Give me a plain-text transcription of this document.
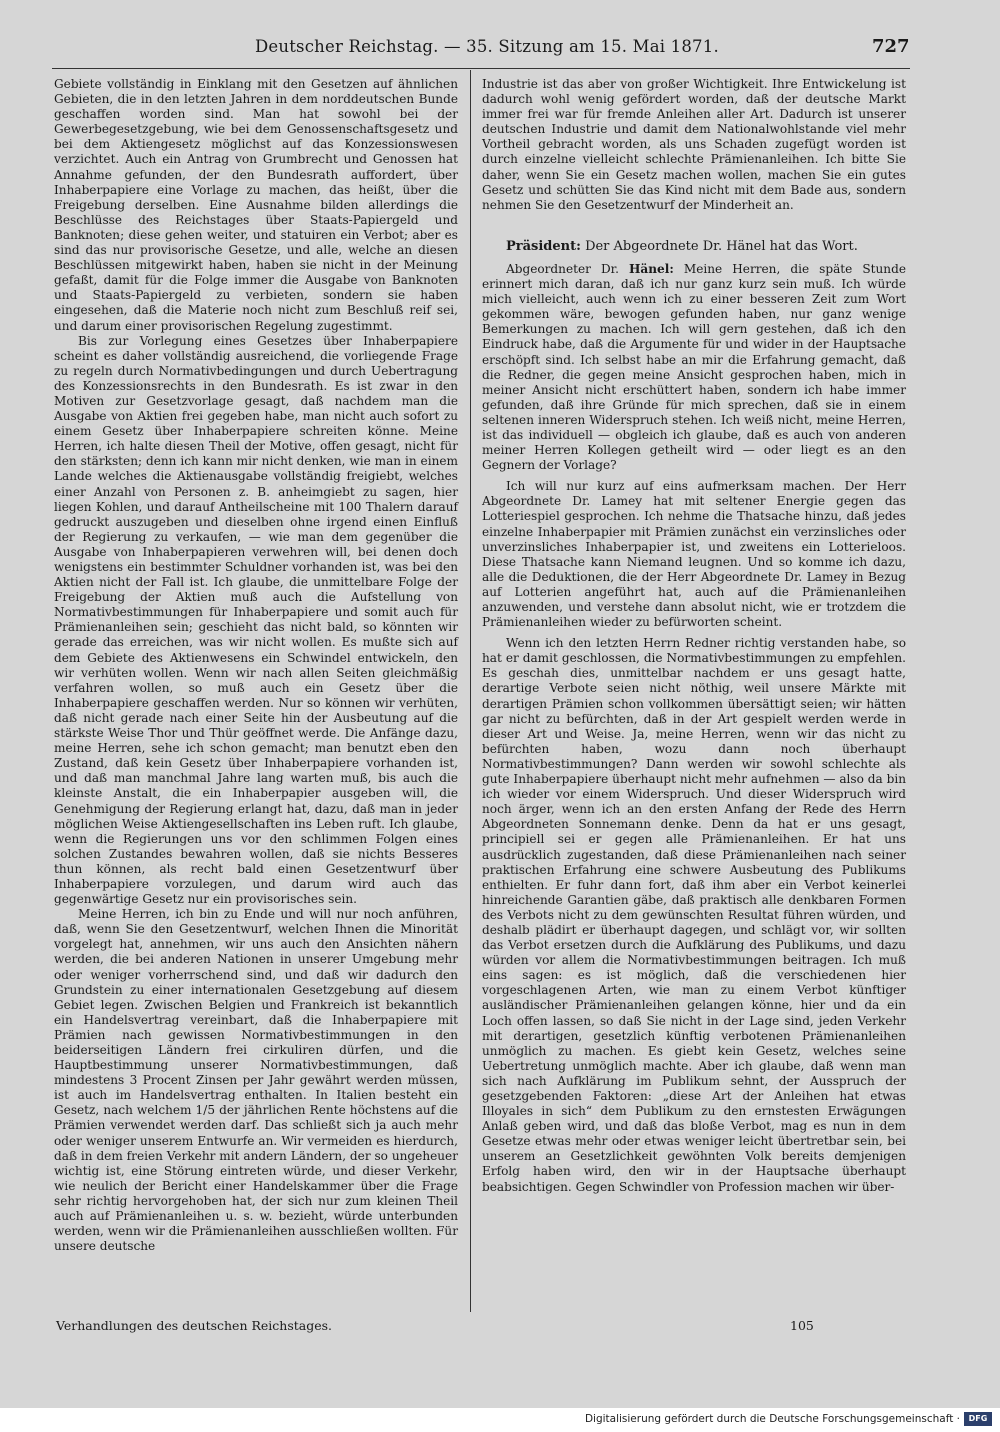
Deutscher Reichstag. — 35. Sitzung am 15. Mai 1871.	727

Gebiete vollständig in Einklang mit den Gesetzen auf ähnlichen Gebieten, die in den letzten Jahren in dem norddeutschen Bunde geschaffen worden sind. Man hat sowohl bei der Gewerbegesetzgebung, wie bei dem Genossenschaftsgesetz und bei dem Aktiengesetz möglichst auf das Konzessionswesen verzichtet. Auch ein Antrag von Grumbrecht und Genossen hat Annahme gefunden, der den Bundesrath auffordert, über Inhaberpapiere eine Vorlage zu machen, das heißt, über die Freigebung derselben. Eine Ausnahme bilden allerdings die Beschlüsse des Reichstages über Staats-Papiergeld und Banknoten; diese gehen weiter, und statuiren ein Verbot; aber es sind das nur provisorische Gesetze, und alle, welche an diesen Beschlüssen mitgewirkt haben, haben sie nicht in der Meinung gefaßt, damit für die Folge immer die Ausgabe von Banknoten und Staats-Papiergeld zu verbieten, sondern sie haben eingesehen, daß die Materie noch nicht zum Beschluß reif sei, und darum einer provisorischen Regelung zugestimmt.

Bis zur Vorlegung eines Gesetzes über Inhaberpapiere scheint es daher vollständig ausreichend, die vorliegende Frage zu regeln durch Normativbedingungen und durch Uebertragung des Konzessionsrechts in den Bundesrath. Es ist zwar in den Motiven zur Gesetzvorlage gesagt, daß nachdem man die Ausgabe von Aktien frei gegeben habe, man nicht auch sofort zu einem Gesetz über Inhaberpapiere schreiten könne. Meine Herren, ich halte diesen Theil der Motive, offen gesagt, nicht für den stärksten; denn ich kann mir nicht denken, wie man in einem Lande welches die Aktienausgabe vollständig freigiebt, welches einer Anzahl von Personen z. B. anheimgiebt zu sagen, hier liegen Kohlen, und darauf Antheilscheine mit 100 Thalern darauf gedruckt auszugeben und dieselben ohne irgend einen Einfluß der Regierung zu verkaufen, — wie man dem gegenüber die Ausgabe von Inhaberpapieren verwehren will, bei denen doch wenigstens ein bestimmter Schuldner vorhanden ist, was bei den Aktien nicht der Fall ist. Ich glaube, die unmittelbare Folge der Freigebung der Aktien muß auch die Aufstellung von Normativbestimmungen für Inhaberpapiere und somit auch für Prämienanleihen sein; geschieht das nicht bald, so könnten wir gerade das erreichen, was wir nicht wollen. Es mußte sich auf dem Gebiete des Aktienwesens ein Schwindel entwickeln, den wir verhüten wollen. Wenn wir nach allen Seiten gleichmäßig verfahren wollen, so muß auch ein Gesetz über die Inhaberpapiere geschaffen werden. Nur so können wir verhüten, daß nicht gerade nach einer Seite hin der Ausbeutung auf die stärkste Weise Thor und Thür geöffnet werde. Die Anfänge dazu, meine Herren, sehe ich schon gemacht; man benutzt eben den Zustand, daß kein Gesetz über Inhaberpapiere vorhanden ist, und daß man manchmal Jahre lang warten muß, bis auch die kleinste Anstalt, die ein Inhaberpapier ausgeben will, die Genehmigung der Regierung erlangt hat, dazu, daß man in jeder möglichen Weise Aktiengesellschaften ins Leben ruft. Ich glaube, wenn die Regierungen uns vor den schlimmen Folgen eines solchen Zustandes bewahren wollen, daß sie nichts Besseres thun können, als recht bald einen Gesetzentwurf über Inhaberpapiere vorzulegen, und darum wird auch das gegenwärtige Gesetz nur ein provisorisches sein.

Meine Herren, ich bin zu Ende und will nur noch anführen, daß, wenn Sie den Gesetzentwurf, welchen Ihnen die Minorität vorgelegt hat, annehmen, wir uns auch den Ansichten nähern werden, die bei anderen Nationen in unserer Umgebung mehr oder weniger vorherrschend sind, und daß wir dadurch den Grundstein zu einer internationalen Gesetzgebung auf diesem Gebiet legen. Zwischen Belgien und Frankreich ist bekanntlich ein Handelsvertrag vereinbart, daß die Inhaberpapiere mit Prämien nach gewissen Normativbestimmungen in den beiderseitigen Ländern frei cirkuliren dürfen, und die Hauptbestimmung unserer Normativbestimmungen, daß mindestens 3 Procent Zinsen per Jahr gewährt werden müssen, ist auch im Handelsvertrag enthalten. In Italien besteht ein Gesetz, nach welchem 1/5 der jährlichen Rente höchstens auf die Prämien verwendet werden darf. Das schließt sich ja auch mehr oder weniger unserem Entwurfe an. Wir vermeiden es hierdurch, daß in dem freien Verkehr mit andern Ländern, der so ungeheuer wichtig ist, eine Störung eintreten würde, und dieser Verkehr, wie neulich der Bericht einer Handelskammer über die Frage sehr richtig hervorgehoben hat, der sich nur zum kleinen Theil auch auf Prämienanleihen u. s. w. bezieht, würde unterbunden werden, wenn wir die Prämienanleihen ausschließen wollten. Für unsere deutsche

Industrie ist das aber von großer Wichtigkeit. Ihre Entwickelung ist dadurch wohl wenig gefördert worden, daß der deutsche Markt immer frei war für fremde Anleihen aller Art. Dadurch ist unserer deutschen Industrie und damit dem Nationalwohlstande viel mehr Vortheil gebracht worden, als uns Schaden zugefügt worden ist durch einzelne vielleicht schlechte Prämienanleihen. Ich bitte Sie daher, wenn Sie ein Gesetz machen wollen, machen Sie ein gutes Gesetz und schütten Sie das Kind nicht mit dem Bade aus, sondern nehmen Sie den Gesetzentwurf der Minderheit an.

Präsident: Der Abgeordnete Dr. Hänel hat das Wort.

Abgeordneter Dr. Hänel: Meine Herren, die späte Stunde erinnert mich daran, daß ich nur ganz kurz sein muß. Ich würde mich vielleicht, auch wenn ich zu einer besseren Zeit zum Wort gekommen wäre, bewogen gefunden haben, nur ganz wenige Bemerkungen zu machen. Ich will gern gestehen, daß ich den Eindruck habe, daß die Argumente für und wider in der Hauptsache erschöpft sind. Ich selbst habe an mir die Erfahrung gemacht, daß die Redner, die gegen meine Ansicht gesprochen haben, mich in meiner Ansicht nicht erschüttert haben, sondern ich habe immer gefunden, daß ihre Gründe für mich sprechen, daß sie in einem seltenen inneren Widerspruch stehen. Ich weiß nicht, meine Herren, ist das individuell — obgleich ich glaube, daß es auch von anderen meiner Herren Kollegen getheilt wird — oder liegt es an den Gegnern der Vorlage?

Ich will nur kurz auf eins aufmerksam machen. Der Herr Abgeordnete Dr. Lamey hat mit seltener Energie gegen das Lotteriespiel gesprochen. Ich nehme die Thatsache hinzu, daß jedes einzelne Inhaberpapier mit Prämien zunächst ein verzinsliches oder unverzinsliches Inhaberpapier ist, und zweitens ein Lotterieloos. Diese Thatsache kann Niemand leugnen. Und so komme ich dazu, alle die Deduktionen, die der Herr Abgeordnete Dr. Lamey in Bezug auf Lotterien angeführt hat, auch auf die Prämienanleihen anzuwenden, und verstehe dann absolut nicht, wie er trotzdem die Prämienanleihen wieder zu befürworten scheint.

Wenn ich den letzten Herrn Redner richtig verstanden habe, so hat er damit geschlossen, die Normativbestimmungen zu empfehlen. Es geschah dies, unmittelbar nachdem er uns gesagt hatte, derartige Verbote seien nicht nöthig, weil unsere Märkte mit derartigen Prämien schon vollkommen übersättigt seien; wir hätten gar nicht zu befürchten, daß in der Art gespielt werden werde in dieser Art und Weise. Ja, meine Herren, wenn wir das nicht zu befürchten haben, wozu dann noch überhaupt Normativbestimmungen? Dann werden wir sowohl schlechte als gute Inhaberpapiere überhaupt nicht mehr aufnehmen — also da bin ich wieder vor einem Widerspruch. Und dieser Widerspruch wird noch ärger, wenn ich an den ersten Anfang der Rede des Herrn Abgeordneten Sonnemann denke. Denn da hat er uns gesagt, principiell sei er gegen alle Prämienanleihen. Er hat uns ausdrücklich zugestanden, daß diese Prämienanleihen nach seiner praktischen Erfahrung eine schwere Ausbeutung des Publikums enthielten. Er fuhr dann fort, daß ihm aber ein Verbot keinerlei hinreichende Garantien gäbe, daß praktisch alle denkbaren Formen des Verbots nicht zu dem gewünschten Resultat führen würden, und deshalb plädirt er überhaupt dagegen, und schlägt vor, wir sollten das Verbot ersetzen durch die Aufklärung des Publikums, und dazu würden vor allem die Normativbestimmungen beitragen. Ich muß eins sagen: es ist möglich, daß die verschiedenen hier vorgeschlagenen Arten, wie man zu einem Verbot künftiger ausländischer Prämienanleihen gelangen könne, hier und da ein Loch offen lassen, so daß Sie nicht in der Lage sind, jeden Verkehr mit derartigen, gesetzlich künftig verbotenen Prämienanleihen unmöglich zu machen. Es giebt kein Gesetz, welches seine Uebertretung unmöglich machte. Aber ich glaube, daß wenn man sich nach Aufklärung im Publikum sehnt, der Ausspruch der gesetzgebenden Faktoren: „diese Art der Anleihen hat etwas Illoyales in sich“ dem Publikum zu den ernstesten Erwägungen Anlaß geben wird, und daß das bloße Verbot, mag es nun in dem Gesetze etwas mehr oder etwas weniger leicht übertretbar sein, bei unserem an Gesetzlichkeit gewöhnten Volk bereits demjenigen Erfolg haben wird, den wir in der Hauptsache überhaupt beabsichtigen. Gegen Schwindler von Profession machen wir über-

Verhandlungen des deutschen Reichstages.	105
Digitalisierung gefördert durch die Deutsche Forschungsgemeinschaft ·	DFG
